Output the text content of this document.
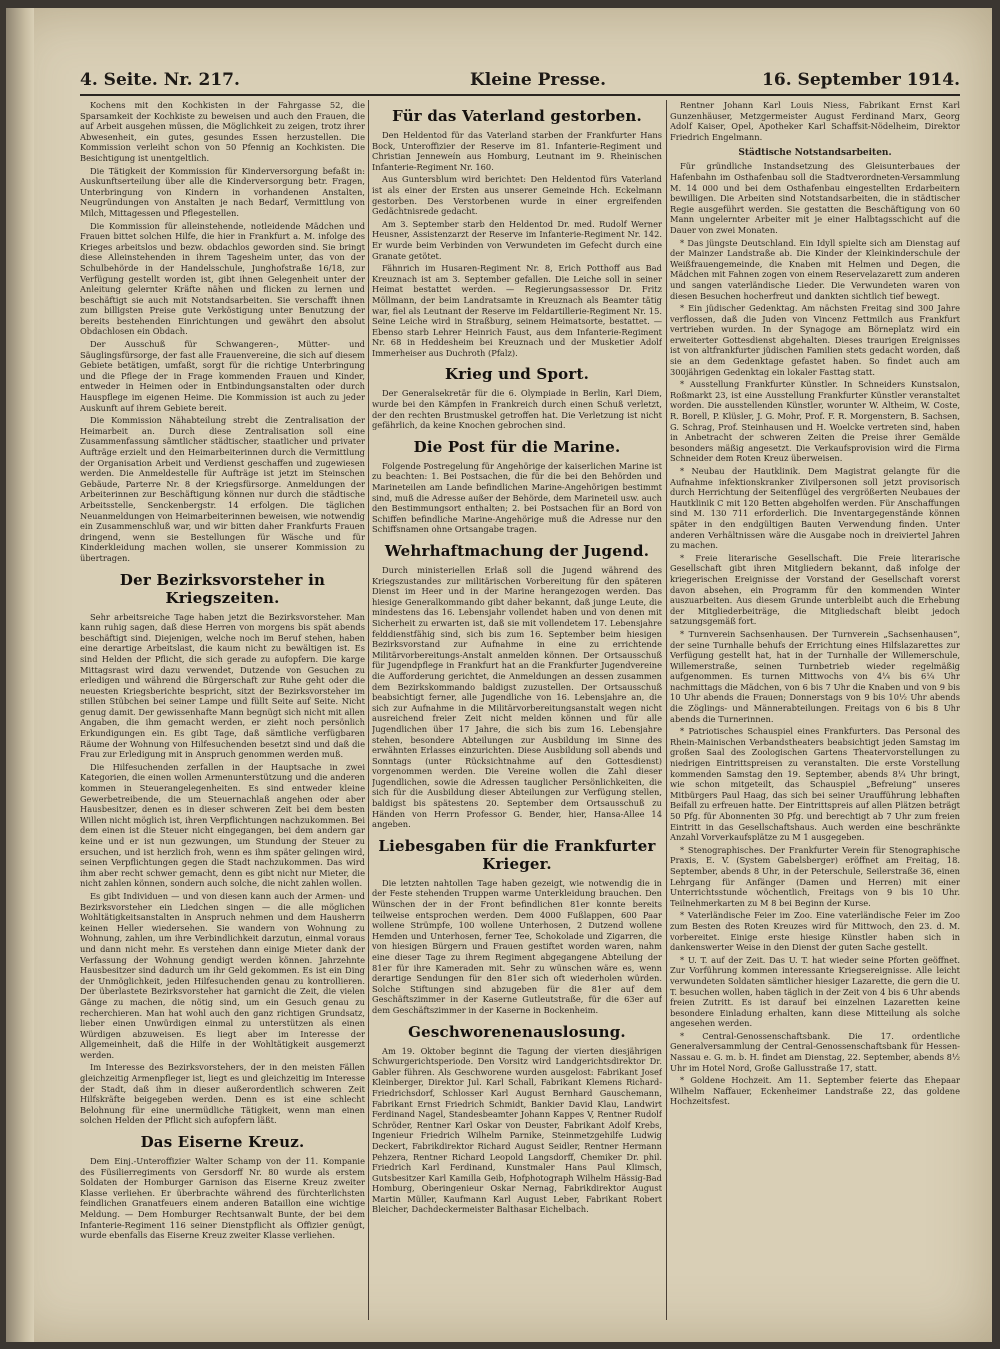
4. Seite. Nr. 217.	Kleine Presse.	16. September 1914.

Kochens mit den Kochkisten in der Fahrgasse 52, die Sparsamkeit der Kochkiste zu beweisen und auch den Frauen, die auf Arbeit ausgehen müssen, die Möglichkeit zu zeigen, trotz ihrer Abwesenheit, ein gutes, gesundes Essen herzustellen. Die Kommission verleiht schon von 50 Pfennig an Kochkisten. Die Besichtigung ist unentgeltlich.

Die Tätigkeit der Kommission für Kinderversorgung befaßt in: Auskunftserteilung über alle die Kinderversorgung betr. Fragen, Unterbringung von Kindern in vorhandenen Anstalten, Neugründungen von Anstalten je nach Bedarf, Vermittlung von Milch, Mittagessen und Pflegestellen.

Die Kommission für alleinstehende, notleidende Mädchen und Frauen bittet solchen Hilfe, die hier in Frankfurt a. M. infolge des Krieges arbeitslos und bezw. obdachlos geworden sind. Sie bringt diese Alleinstehenden in ihrem Tagesheim unter, das von der Schulbehörde in der Handelsschule, Junghofstraße 16/18, zur Verfügung gestellt worden ist, gibt ihnen Gelegenheit unter der Anleitung gelernter Kräfte nähen und flicken zu lernen und beschäftigt sie auch mit Notstandsarbeiten. Sie verschafft ihnen zum billigsten Preise gute Verköstigung unter Benutzung der bereits bestehenden Einrichtungen und gewährt den absolut Obdachlosen ein Obdach.

Der Ausschuß für Schwangeren-, Mütter- und Säuglingsfürsorge, der fast alle Frauenvereine, die sich auf diesem Gebiete betätigen, umfaßt, sorgt für die richtige Unterbringung und die Pflege der in Frage kommenden Frauen und Kinder, entweder in Heimen oder in Entbindungsanstalten oder durch Hauspflege im eigenen Heime. Die Kommission ist auch zu jeder Auskunft auf ihrem Gebiete bereit.

Die Kommission Nähabteilung strebt die Zentralisation der Heimarbeit an. Durch diese Zentralisation soll eine Zusammenfassung sämtlicher städtischer, staatlicher und privater Aufträge erzielt und den Heimarbeiterinnen durch die Vermittlung der Organisation Arbeit und Verdienst geschaffen und zugewiesen werden. Die Anmeldestelle für Aufträge ist jetzt im Steinschen Gebäude, Parterre Nr. 8 der Kriegsfürsorge. Anmeldungen der Arbeiterinnen zur Beschäftigung können nur durch die städtische Arbeitsstelle, Senckenbergstr. 14 erfolgen. Die täglichen Neuanmeldungen von Heimarbeiterinnen beweisen, wie notwendig ein Zusammenschluß war, und wir bitten daher Frankfurts Frauen dringend, wenn sie Bestellungen für Wäsche und für Kinderkleidung machen wollen, sie unserer Kommission zu übertragen.

Der Bezirksvorsteher in Kriegszeiten.

Sehr arbeitsreiche Tage haben jetzt die Bezirksvorsteher. Man kann ruhig sagen, daß diese Herren von morgens bis spät abends beschäftigt sind. Diejenigen, welche noch im Beruf stehen, haben eine derartige Arbeitslast, die kaum nicht zu bewältigen ist. Es sind Helden der Pflicht, die sich gerade zu aufopfern. Die karge Mittagsrast wird dazu verwendet, Dutzende von Gesuchen zu erledigen und während die Bürgerschaft zur Ruhe geht oder die neuesten Kriegsberichte bespricht, sitzt der Bezirksvorsteher im stillen Stübchen bei seiner Lampe und füllt Seite auf Seite. Nicht genug damit. Der gewissenhafte Mann begnügt sich nicht mit allen Angaben, die ihm gemacht werden, er zieht noch persönlich Erkundigungen ein. Es gibt Tage, daß sämtliche verfügbaren Räume der Wohnung von Hilfesuchenden besetzt sind und daß die Frau zur Erledigung mit in Anspruch genommen werden muß.

Die Hilfesuchenden zerfallen in der Hauptsache in zwei Kategorien, die einen wollen Armenunterstützung und die anderen kommen in Steuerangelegenheiten. Es sind entweder kleine Gewerbetreibende, die um Steuernachlaß angehen oder aber Hausbesitzer, denen es in dieser schweren Zeit bei dem besten Willen nicht möglich ist, ihren Verpflichtungen nachzukommen. Bei dem einen ist die Steuer nicht eingegangen, bei dem andern gar keine und er ist nun gezwungen, um Stundung der Steuer zu ersuchen, und ist herzlich froh, wenn es ihm später gelingen wird, seinen Verpflichtungen gegen die Stadt nachzukommen. Das wird ihm aber recht schwer gemacht, denn es gibt nicht nur Mieter, die nicht zahlen können, sondern auch solche, die nicht zahlen wollen.

Es gibt Individuen — und von diesen kann auch der Armen- und Bezirksvorsteher ein Liedchen singen — die alle möglichen Wohltätigkeitsanstalten in Anspruch nehmen und dem Hausherrn keinen Heller wiedersehen. Sie wandern von Wohnung zu Wohnung, zahlen, um ihre Verbindlichkeit darzutun, einmal voraus und dann nicht mehr. Es verstehen dann einige Mieter dank der Verfassung der Wohnung gendigt werden können. Jahrzehnte Hausbesitzer sind dadurch um ihr Geld gekommen. Es ist ein Ding der Unmöglichkeit, jeden Hilfesuchenden genau zu kontrollieren. Der überlastete Bezirksvorsteher hat garnicht die Zeit, die vielen Gänge zu machen, die nötig sind, um ein Gesuch genau zu recherchieren. Man hat wohl auch den ganz richtigen Grundsatz, lieber einen Unwürdigen einmal zu unterstützen als einen Würdigen abzuweisen. Es liegt aber im Interesse der Allgemeinheit, daß die Hilfe in der Wohltätigkeit ausgemerzt werden.

Im Interesse des Bezirksvorstehers, der in den meisten Fällen gleichzeitig Armenpfleger ist, liegt es und gleichzeitig im Interesse der Stadt, daß ihm in dieser außerordentlich schweren Zeit Hilfskräfte beigegeben werden. Denn es ist eine schlecht Belohnung für eine unermüdliche Tätigkeit, wenn man einen solchen Helden der Pflicht sich aufopfern läßt.

Das Eiserne Kreuz.

Dem Einj.-Unteroffizier Walter Schamp von der 11. Kompanie des Füsilierregiments von Gersdorff Nr. 80 wurde als erstem Soldaten der Homburger Garnison das Eiserne Kreuz zweiter Klasse verliehen. Er überbrachte während des fürchterlichsten feindlichen Granatfeuers einem anderen Bataillon eine wichtige Meldung. — Dem Homburger Rechtsanwalt Bunte, der bei dem Infanterie-Regiment 116 seiner Dienstpflicht als Offizier genügt, wurde ebenfalls das Eiserne Kreuz zweiter Klasse verliehen.

Für das Vaterland gestorben.

Den Heldentod für das Vaterland starben der Frankfurter Hans Bock, Unteroffizier der Reserve im 81. Infanterie-Regiment und Christian Jenneweín aus Homburg, Leutnant im 9. Rheinischen Infanterie-Regiment Nr. 160.

Aus Guntersblum wird berichtet: Den Heldentod fürs Vaterland ist als einer der Ersten aus unserer Gemeinde Hch. Eckelmann gestorben. Des Verstorbenen wurde in einer ergreifenden Gedächtnisrede gedacht.

Am 3. September starb den Heldentod Dr. med. Rudolf Werner Heusner, Assistenzarzt der Reserve im Infanterie-Regiment Nr. 142. Er wurde beim Verbinden von Verwundeten im Gefecht durch eine Granate getötet.

Fähnrich im Husaren-Regiment Nr. 8, Erich Potthoff aus Bad Kreuznach ist am 3. September gefallen. Die Leiche soll in seiner Heimat bestattet werden. — Regierungsassessor Dr. Fritz Möllmann, der beim Landratsamte in Kreuznach als Beamter tätig war, fiel als Leutnant der Reserve im Feldartillerie-Regiment Nr. 15. Seine Leiche wird in Straßburg, seinem Heimatsorte, bestattet. — Ebenso starb Lehrer Heinrich Faust, aus dem Infanterie-Regiment Nr. 68 in Heddesheim bei Kreuznach und der Musketier Adolf Immerheiser aus Duchroth (Pfalz).

Krieg und Sport.

Der Generalsekretär für die 6. Olympiade in Berlin, Karl Diem, wurde bei den Kämpfen in Frankreich durch einen Schuß verletzt, der den rechten Brustmuskel getroffen hat. Die Verletzung ist nicht gefährlich, da keine Knochen gebrochen sind.

Die Post für die Marine.

Folgende Postregelung für Angehörige der kaiserlichen Marine ist zu beachten: 1. Bei Postsachen, die für die bei den Behörden und Marineteilen am Lande befindlichen Marine-Angehörigen bestimmt sind, muß die Adresse außer der Behörde, dem Marineteil usw. auch den Bestimmungsort enthalten; 2. bei Postsachen für an Bord von Schiffen befindliche Marine-Angehörige muß die Adresse nur den Schiffsnamen ohne Ortsangabe tragen.

Wehrhaftmachung der Jugend.

Durch ministeriellen Erlaß soll die Jugend während des Kriegszustandes zur militärischen Vorbereitung für den späteren Dienst im Heer und in der Marine herangezogen werden. Das hiesige Generalkommando gibt daher bekannt, daß junge Leute, die mindestens das 16. Lebensjahr vollendet haben und von denen mit Sicherheit zu erwarten ist, daß sie mit vollendetem 17. Lebensjahre felddienstfähig sind, sich bis zum 16. September beim hiesigen Bezirksvorstand zur Aufnahme in eine zu errichtende Militärvorbereitungs-Anstalt anmelden können. Der Ortsausschuß für Jugendpflege in Frankfurt hat an die Frankfurter Jugendvereine die Aufforderung gerichtet, die Anmeldungen an dessen zusammen dem Bezirkskommando baldigst zuzustellen. Der Ortsausschuß beabsichtigt ferner, alle Jugendliche von 16. Lebensjahre an, die sich zur Aufnahme in die Militärvorbereitungsanstalt wegen nicht ausreichend freier Zeit nicht melden können und für alle Jugendlichen über 17 Jahre, die sich bis zum 16. Lebensjahre stehen, besondere Abteilungen zur Ausbildung im Sinne des erwähnten Erlasses einzurichten. Diese Ausbildung soll abends und Sonntags (unter Rücksichtnahme auf den Gottesdienst) vorgenommen werden. Die Vereine wollen die Zahl dieser Jugendlichen, sowie die Adressen tauglicher Persönlichkeiten, die sich für die Ausbildung dieser Abteilungen zur Verfügung stellen, baldigst bis spätestens 20. September dem Ortsausschuß zu Händen von Herrn Professor G. Bender, hier, Hansa-Allee 14 angeben.

Liebesgaben für die Frankfurter Krieger.

Die letzten nahtollen Tage haben gezeigt, wie notwendig die in der Feste stehenden Truppen warme Unterkleidung brauchen. Den Wünschen der in der Front befindlichen 81er konnte bereits teilweise entsprochen werden. Dem 4000 Fußlappen, 600 Paar wollene Strümpfe, 100 wollene Unterhosen, 2 Dutzend wollene Hemden und Unterhosen, ferner Tee, Schokolade und Zigarren, die von hiesigen Bürgern und Frauen gestiftet worden waren, nahm eine dieser Tage zu ihrem Regiment abgegangene Abteilung der 81er für ihre Kameraden mit. Sehr zu wünschen wäre es, wenn derartige Sendungen für den 81er sich oft wiederholen würden. Solche Stiftungen sind abzugeben für die 81er auf dem Geschäftszimmer in der Kaserne Gutleutstraße, für die 63er auf dem Geschäftszimmer in der Kaserne in Bockenheim.

Geschworenenauslosung.

Am 19. Oktober beginnt die Tagung der vierten diesjährigen Schwurgerichtsperiode. Den Vorsitz wird Landgerichtsdirektor Dr. Gabler führen. Als Geschworene wurden ausgelost: Fabrikant Josef Kleinberger, Direktor Jul. Karl Schall, Fabrikant Klemens Richard-Friedrichsdorf, Schlosser Karl August Bernhard Gauschemann, Fabrikant Ernst Friedrich Schmidt, Bankier David Klau, Landwirt Ferdinand Nagel, Standesbeamter Johann Kappes V, Rentner Rudolf Schröder, Rentner Karl Oskar von Deuster, Fabrikant Adolf Krebs, Ingenieur Friedrich Wilhelm Parnike, Steinmetzgehilfe Ludwig Deckert, Fabrikdirektor Richard August Seidler, Rentner Hermann Pehzera, Rentner Richard Leopold Langsdorff, Chemiker Dr. phil. Friedrich Karl Ferdinand, Kunstmaler Hans Paul Klimsch, Gutsbesitzer Karl Kamilla Geib, Hofphotograph Wilhelm Hässig-Bad Homburg, Oberingenieur Oskar Nernag, Fabrikdirektor August Martin Müller, Kaufmann Karl August Leber, Fabrikant Robert Bleicher, Dachdeckermeister Balthasar Eichelbach.

Rentner Johann Karl Louis Niess, Fabrikant Ernst Karl Gunzenhäuser, Metzgermeister August Ferdinand Marx, Georg Adolf Kaiser, Opel, Apotheker Karl Schaffsit-Nödelheim, Direktor Friedrich Engelmann.

Städtische Notstandsarbeiten.

Für gründliche Instandsetzung des Gleisunterbaues der Hafenbahn im Osthafenbau soll die Stadtverordneten-Versammlung M. 14 000 und bei dem Osthafenbau eingestellten Erdarbeitern bewilligen. Die Arbeiten sind Notstandsarbeiten, die in städtischer Regie ausgeführt werden. Sie gestatten die Beschäftigung von 60 Mann ungelernter Arbeiter mit je einer Halbtagsschicht auf die Dauer von zwei Monaten.

* Das jüngste Deutschland. Ein Idyll spielte sich am Dienstag auf der Mainzer Landstraße ab. Die Kinder der Kleinkinderschule der Weißfrauengemeinde, die Knaben mit Helmen und Degen, die Mädchen mit Fahnen zogen von einem Reservelazarett zum anderen und sangen vaterländische Lieder. Die Verwundeten waren von diesen Besuchen hocherfreut und dankten sichtlich tief bewegt.

* Ein jüdischer Gedenktag. Am nächsten Freitag sind 300 Jahre verflossen, daß die Juden von Vincenz Fettmilch aus Frankfurt vertrieben wurden. In der Synagoge am Börneplatz wird ein erweiterter Gottesdienst abgehalten. Dieses traurigen Ereignisses ist von altfrankfurter jüdischen Familien stets gedacht worden, daß sie an dem Gedenktage gefastet haben. So findet auch am 300jährigen Gedenktag ein lokaler Fasttag statt.

* Ausstellung Frankfurter Künstler. In Schneiders Kunstsalon, Roßmarkt 23, ist eine Ausstellung Frankfurter Künstler veranstaltet worden. Die ausstellenden Künstler, worunter W. Altheim, W. Coste, R. Borell, P. Klüsler, J. G. Mohr, Prof. F. R. Morgenstern, B. Sachsen, G. Schrag, Prof. Steinhausen und H. Woelcke vertreten sind, haben in Anbetracht der schweren Zeiten die Preise ihrer Gemälde besonders mäßig angesetzt. Die Verkaufsprovision wird die Firma Schneider dem Roten Kreuz überweisen.

* Neubau der Hautklinik. Dem Magistrat gelangte für die Aufnahme infektionskranker Zivilpersonen soll jetzt provisorisch durch Herrichtung der Seitenflügel des vergrößerten Neubaues der Hautklinik C mit 120 Betten abgeholfen werden. Für Anschaffungen sind M. 130 711 erforderlich. Die Inventargegenstände können später in den endgültigen Bauten Verwendung finden. Unter anderen Verhältnissen wäre die Ausgabe noch in dreiviertel Jahren zu machen.

* Freie literarische Gesellschaft. Die Freie literarische Gesellschaft gibt ihren Mitgliedern bekannt, daß infolge der kriegerischen Ereignisse der Vorstand der Gesellschaft vorerst davon absehen, ein Programm für den kommenden Winter auszuarbeiten. Aus diesem Grunde unterbleibt auch die Erhebung der Mitgliederbeiträge, die Mitgliedschaft bleibt jedoch satzungsgemäß fort.

* Turnverein Sachsenhausen. Der Turnverein „Sachsenhausen“, der seine Turnhalle behufs der Errichtung eines Hilfslazarettes zur Verfügung gestellt hat, hat in der Turnhalle der Willemerschule, Willemerstraße, seinen Turnbetrieb wieder regelmäßig aufgenommen. Es turnen Mittwochs von 4¼ bis 6¼ Uhr nachmittags die Mädchen, von 6 bis 7 Uhr die Knaben und von 9 bis 10 Uhr abends die Frauen; Donnerstags von 9 bis 10½ Uhr abends die Zöglings- und Männerabteilungen. Freitags von 6 bis 8 Uhr abends die Turnerinnen.

* Patriotisches Schauspiel eines Frankfurters. Das Personal des Rhein-Mainischen Verbandstheaters beabsichtigt jeden Samstag im großen Saal des Zoologischen Gartens Theatervorstellungen zu niedrigen Eintrittspreisen zu veranstalten. Die erste Vorstellung kommenden Samstag den 19. September, abends 8¼ Uhr bringt, wie schon mitgeteilt, das Schauspiel „Befreiung“ unseres Mitbürgers Paul Haag, das sich bei seiner Uraufführung lebhaften Beifall zu erfreuen hatte. Der Eintrittspreis auf allen Plätzen beträgt 50 Pfg. für Abonnenten 30 Pfg. und berechtigt ab 7 Uhr zum freien Eintritt in das Gesellschaftshaus. Auch werden eine beschränkte Anzahl Vorverkaufsplätze zu M 1 ausgegeben.

* Stenographisches. Der Frankfurter Verein für Stenographische Praxis, E. V. (System Gabelsberger) eröffnet am Freitag, 18. September, abends 8 Uhr, in der Peterschule, Seilerstraße 36, einen Lehrgang für Anfänger (Damen und Herren) mit einer Unterrichtsstunde wöchentlich, Freitags von 9 bis 10 Uhr. Teilnehmerkarten zu M 8 bei Beginn der Kurse.

* Vaterländische Feier im Zoo. Eine vaterländische Feier im Zoo zum Besten des Roten Kreuzes wird für Mittwoch, den 23. d. M. vorbereitet. Einige erste hiesige Künstler haben sich in dankenswerter Weise in den Dienst der guten Sache gestellt.

* U. T. auf der Zeit. Das U. T. hat wieder seine Pforten geöffnet. Zur Vorführung kommen interessante Kriegsereignisse. Alle leicht verwundeten Soldaten sämtlicher hiesiger Lazarette, die gern die U. T. besuchen wollen, haben täglich in der Zeit von 4 bis 6 Uhr abends freien Zutritt. Es ist darauf bei einzelnen Lazaretten keine besondere Einladung erhalten, kann diese Mitteilung als solche angesehen werden.

* Central-Genossenschaftsbank. Die 17. ordentliche Generalversammlung der Central-Genossenschaftsbank für Hessen-Nassau e. G. m. b. H. findet am Dienstag, 22. September, abends 8½ Uhr im Hotel Nord, Große Gallusstraße 17, statt.

* Goldene Hochzeit. Am 11. September feierte das Ehepaar Wilhelm Naffauer, Eckenheimer Landstraße 22, das goldene Hochzeitsfest.
